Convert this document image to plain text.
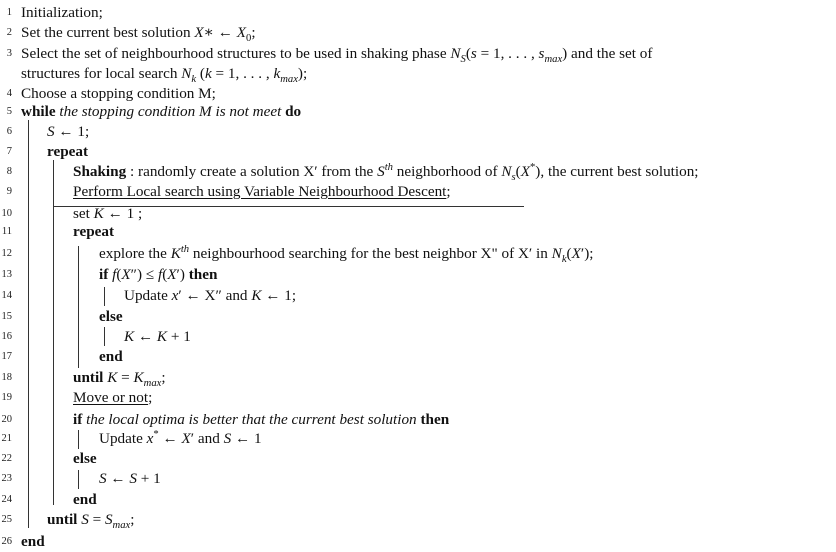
1 Initialization;
2 Set the current best solution X∗ ← $X_0$;
3 Select the set of neighbourhood structures to be used in shaking phase $N_S(s = 1$, . . . , $s_{max}$) and the set of
structures for local search $N_k$ (k = 1, . . . , $k_{max}$);
4 Choose a stopping condition M;
5 while the stopping condition M is not meet do
6 S ← 1;
7 repeat
8	Shaking : randomly create a solution X′ from the $S^{th}$ neighborhood of $N_s(X^*)$, the current best solution;
9	Perform Local search using Variable Neighbourhood Descent;
10	set K ← 1 ;
11	repeat
12	explore the $K^{th}$ neighbourhood searching for the best neighbor X" of X′ in $N_k(X')$;
13	if f(X″) ≤ f(X′) then
14	Update x′ ← X″ and K ← 1;
15	else
16	K ← K + 1
17	end
18	until $K = K_{max}$;
19	Move or not;
20	if the local optima is better that the current best solution then
21	Update x* ← X′ and S ← 1
22	else
23	S ← S + 1
24	end
25 until $S = S_{max}$;
26 end
